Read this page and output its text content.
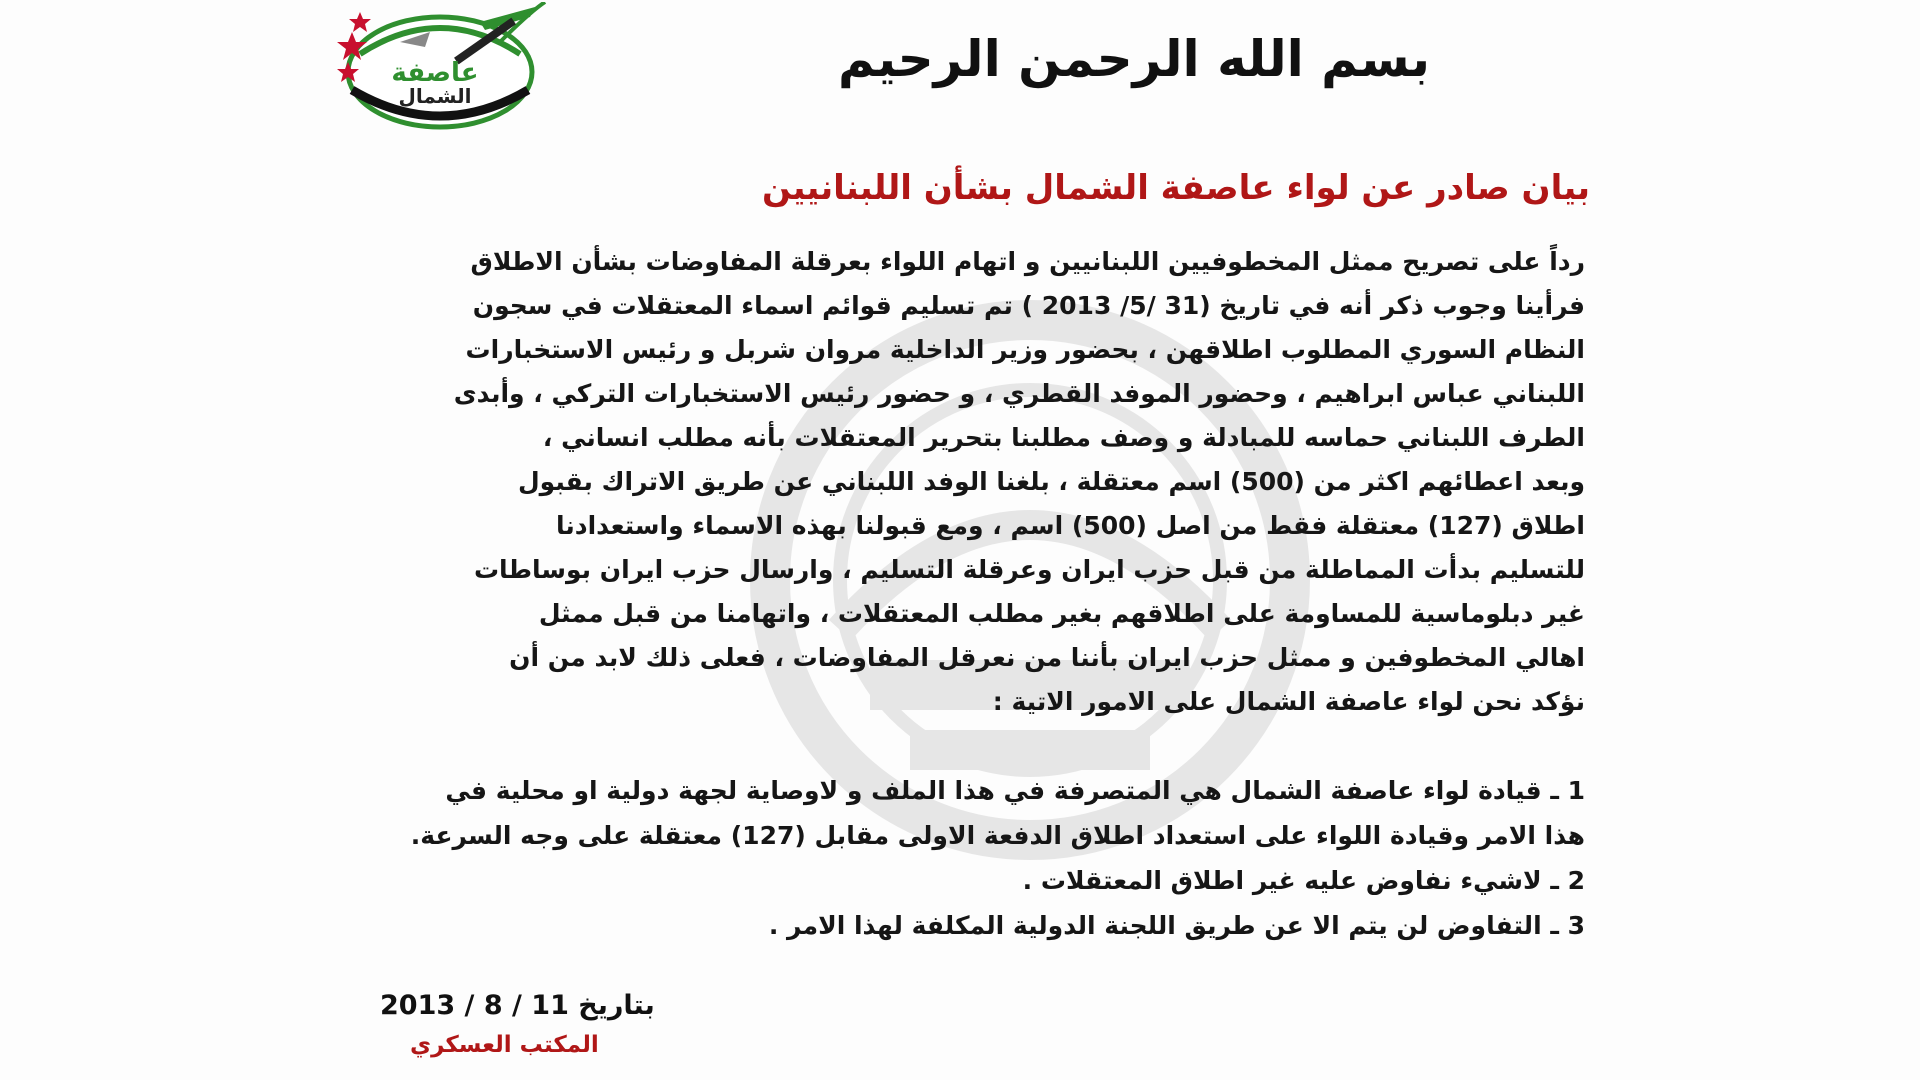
عاصفة
الشمال
بسم الله الرحمن الرحيم
بيان صادر عن لواء عاصفة الشمال بشأن اللبنانيين
رداً على تصريح ممثل المخطوفيين اللبنانيين و اتهام اللواء بعرقلة المفاوضات بشأن الاطلاق
فرأينا وجوب ذكر أنه في تاريخ (31 /5/ 2013 ) تم تسليم قوائم اسماء المعتقلات في سجون
النظام السوري المطلوب اطلاقهن ، بحضور وزير الداخلية مروان شربل و رئيس الاستخبارات
اللبناني عباس ابراهيم ، وحضور الموفد القطري ، و حضور رئيس الاستخبارات التركي ، وأبدى
الطرف اللبناني حماسه للمبادلة و وصف مطلبنا بتحرير المعتقلات بأنه مطلب انساني ،
وبعد اعطائهم اكثر من (500) اسم معتقلة ، بلغنا الوفد اللبناني عن طريق الاتراك بقبول
اطلاق (127) معتقلة فقط من اصل (500) اسم ، ومع قبولنا بهذه الاسماء واستعدادنا
للتسليم بدأت المماطلة من قبل حزب ايران وعرقلة التسليم ، وارسال حزب ايران بوساطات
غير دبلوماسية للمساومة على اطلاقهم بغير مطلب المعتقلات ، واتهامنا من قبل ممثل
اهالي المخطوفين و ممثل حزب ايران بأننا من نعرقل المفاوضات ، فعلى ذلك لابد من أن
نؤكد نحن لواء عاصفة الشمال على الامور الاتية :
1 ـ قيادة لواء عاصفة الشمال هي المتصرفة في هذا الملف و لاوصاية لجهة دولية او محلية في
هذا الامر وقيادة اللواء على استعداد اطلاق الدفعة الاولى مقابل (127) معتقلة على وجه السرعة.
2 ـ لاشيء نفاوض عليه غير اطلاق المعتقلات .
3 ـ التفاوض لن يتم الا عن طريق اللجنة الدولية المكلفة لهذا الامر .
بتاريخ 11 / 8 / 2013
المكتب العسكري
